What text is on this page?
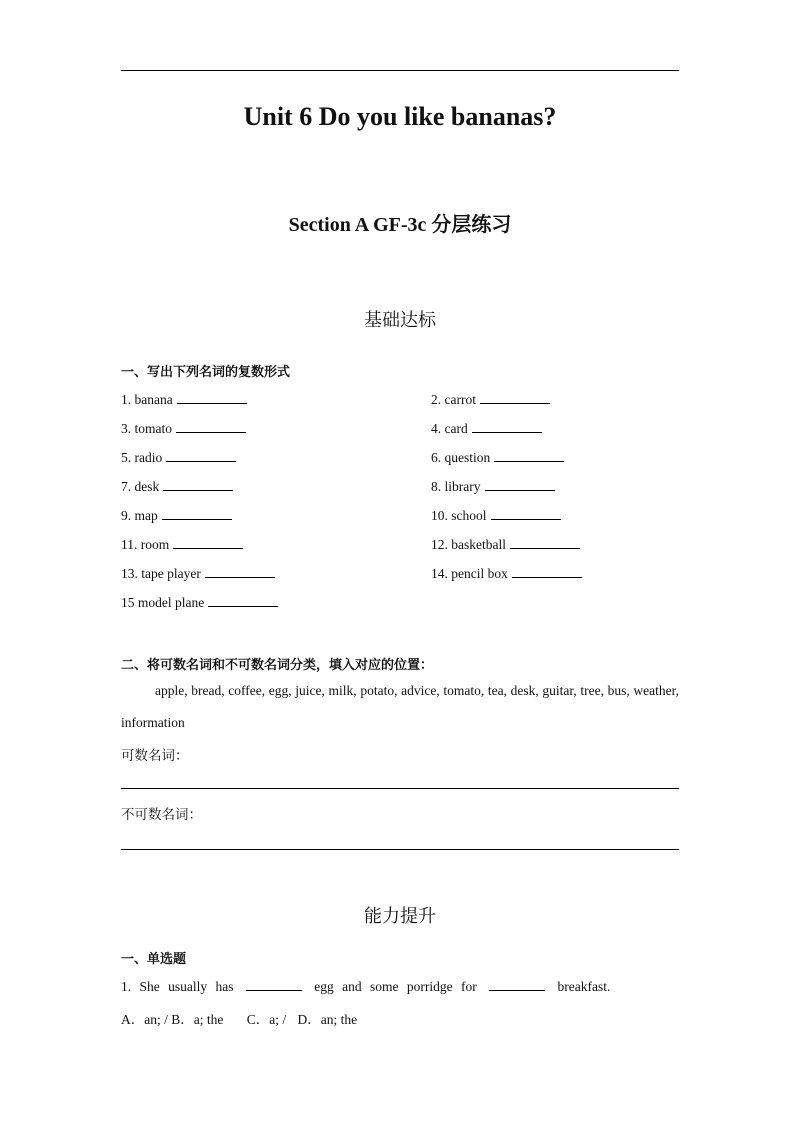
Unit 6 Do you like bananas?
Section A GF-3c 分层练习
基础达标
一、写出下列名词的复数形式
1. banana	2. carrot
3. tomato	4. card
5. radio	6. question
7. desk	8. library
9. map	10. school
11. room	12. basketball
13. tape player	14. pencil box
15 model plane
二、将可数名词和不可数名词分类，填入对应的位置：
apple, bread, coffee, egg, juice, milk, potato, advice, tomato, tea, desk, guitar, tree, bus, weather, information
可数名词：
不可数名词：
能力提升
一、单选题
1. She usually has	egg and some porridge for	breakfast.
A．an; / B．a; the C．a; / D．an; the
